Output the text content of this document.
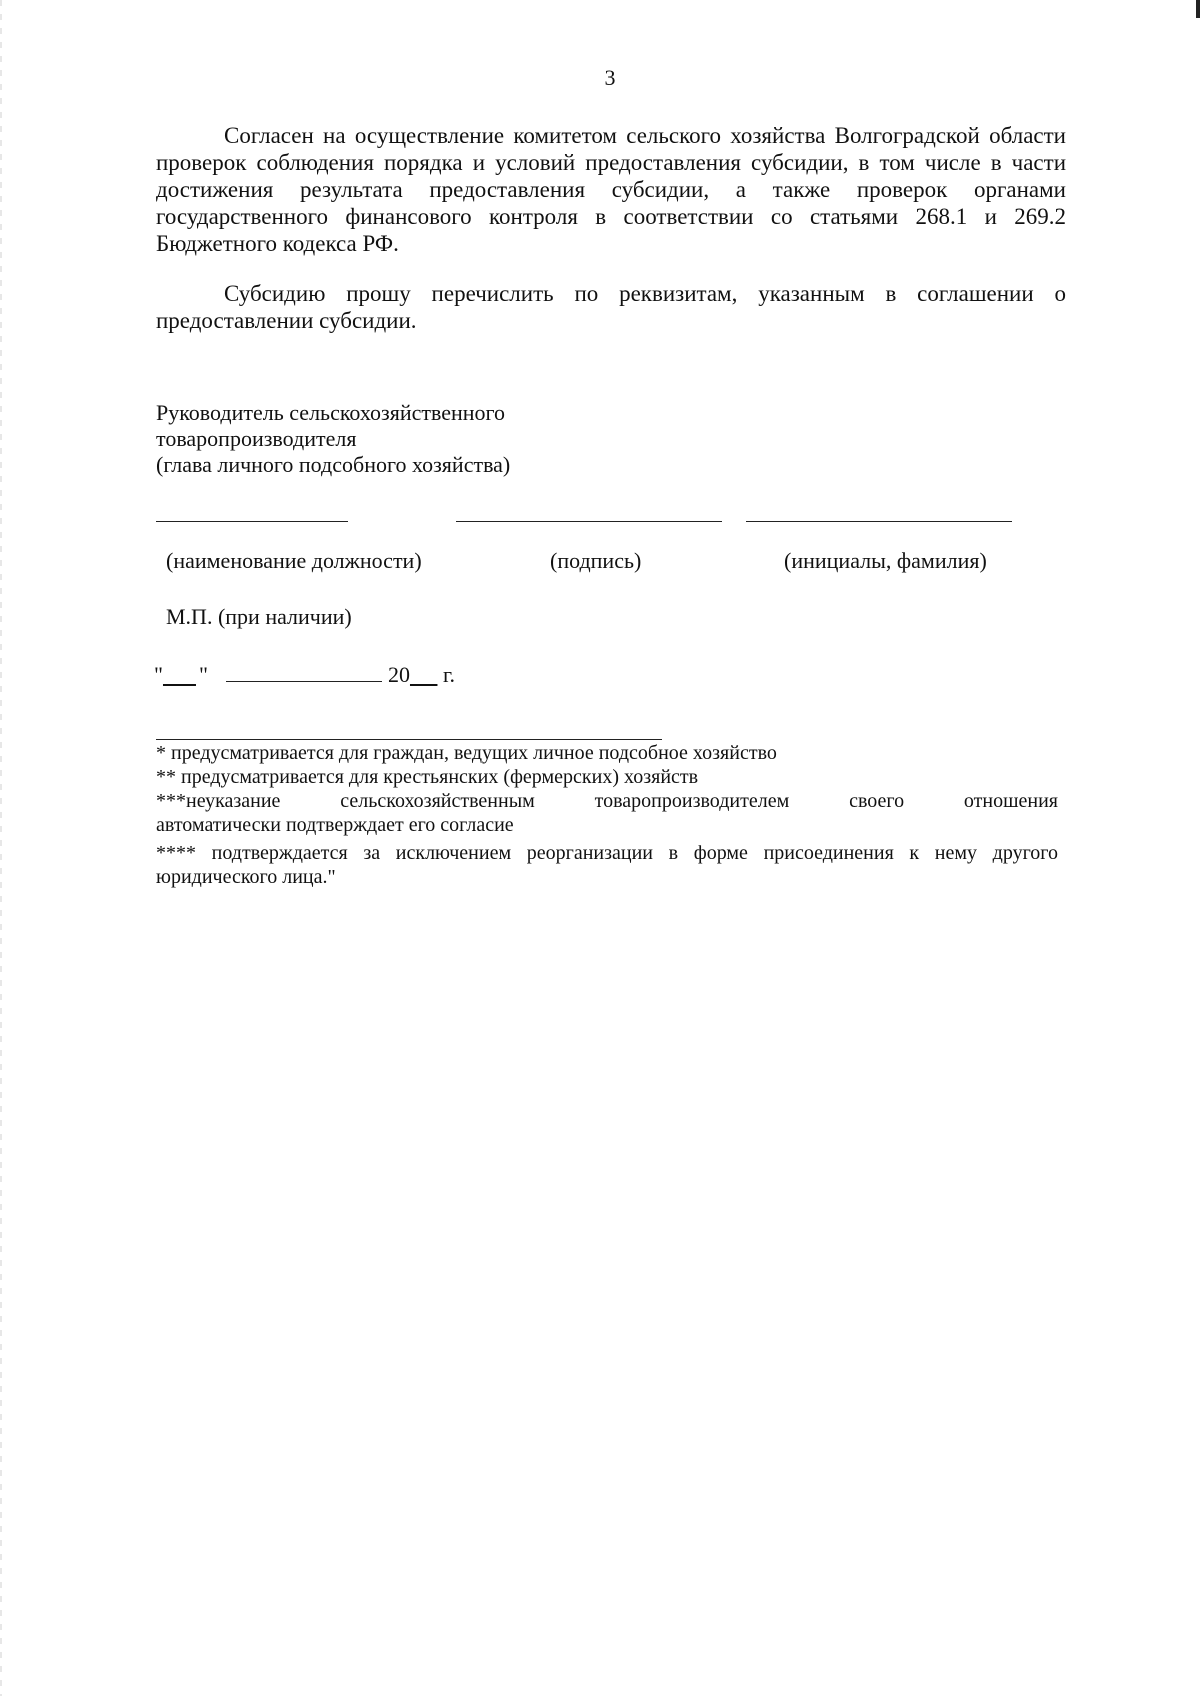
3

Согласен на осуществление комитетом сельского хозяйства Волгоградской области проверок соблюдения порядка и условий предоставления субсидии, в том числе в части достижения результата предоставления субсидии, а также проверок органами государственного финансового контроля в соответствии со статьями 268.1 и 269.2 Бюджетного кодекса РФ.

Субсидию прошу перечислить по реквизитам, указанным в соглашении о предоставлении субсидии.

Руководитель сельскохозяйственного
товаропроизводителя
(глава личного подсобного хозяйства)
(наименование должности)	(подпись)	(инициалы, фамилия)
М.П. (при наличии)
" "	20 г.

* предусматривается для граждан, ведущих личное подсобное хозяйство

** предусматривается для крестьянских (фермерских) хозяйств

***неуказание	сельскохозяйственным	товаропроизводителем	своего	отношения
автоматически подтверждает его согласие

**** подтверждается за исключением реорганизации в форме присоединения к нему другого юридического лица."
